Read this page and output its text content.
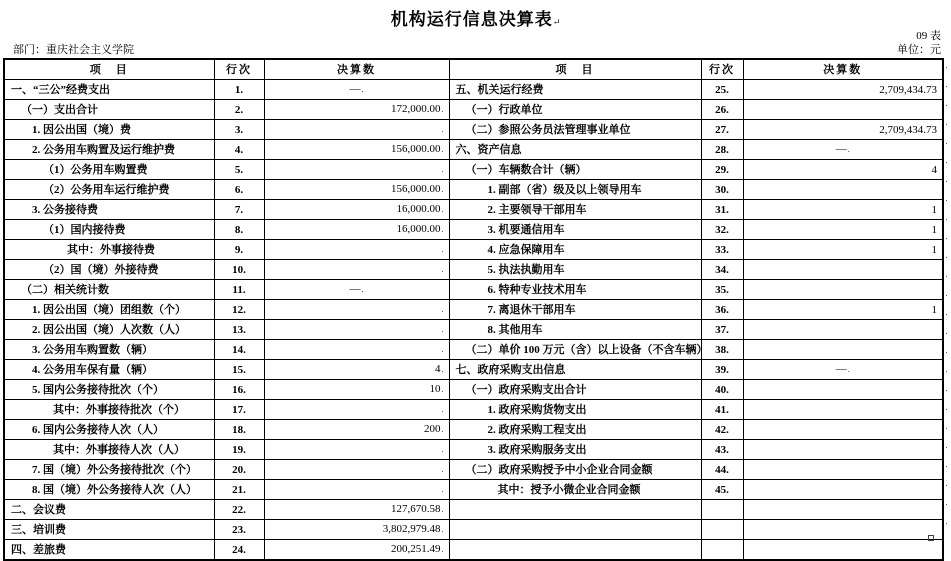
机构运行信息决算表↵
09 表
部门：重庆社会主义学院	单位：元
项　目	行次	决算数	项　目	行次	决算数
一、“三公”经费支出	1.	— .	五、机关运行经费	25.	2,709,434.73
（一）支出合计	2.	172,000.00 .	（一）行政单位	26.	
1. 因公出国（境）费	3.	.	（二）参照公务员法管理事业单位	27.	2,709,434.73
2. 公务用车购置及运行维护费	4.	156,000.00 .	六、资产信息	28.	— .
（1）公务用车购置费	5.	.	（一）车辆数合计（辆）	29.	4
（2）公务用车运行维护费	6.	156,000.00 .	1. 副部（省）级及以上领导用车	30.	
3. 公务接待费	7.	16,000.00 .	2. 主要领导干部用车	31.	1
（1）国内接待费	8.	16,000.00 .	3. 机要通信用车	32.	1
其中：外事接待费	9.	.	4. 应急保障用车	33.	1
（2）国（境）外接待费	10.	.	5. 执法执勤用车	34.	
（二）相关统计数	11.	— .	6. 特种专业技术用车	35.	
1. 因公出国（境）团组数（个）	12.	.	7. 离退休干部用车	36.	1
2. 因公出国（境）人次数（人）	13.	.	8. 其他用车	37.	
3. 公务用车购置数（辆）	14.	.	（二）单价 100 万元（含）以上设备（不含车辆）	38.	
4. 公务用车保有量（辆）	15.	4 .	七、政府采购支出信息	39.	— .
5. 国内公务接待批次（个）	16.	10 .	（一）政府采购支出合计	40.	
其中：外事接待批次（个）	17.	.	1. 政府采购货物支出	41.	
6. 国内公务接待人次（人）	18.	200 .	2. 政府采购工程支出	42.	
其中：外事接待人次（人）	19.	.	3. 政府采购服务支出	43.	
7. 国（境）外公务接待批次（个）	20.	.	（二）政府采购授予中小企业合同金额	44.	
8. 国（境）外公务接待人次（人）	21.	.	其中：授予小微企业合同金额	45.	
二、会议费	22.	127,670.58 .			
三、培训费	23.	3,802,979.48 .			
四、差旅费	24.	200,251.49 .			
